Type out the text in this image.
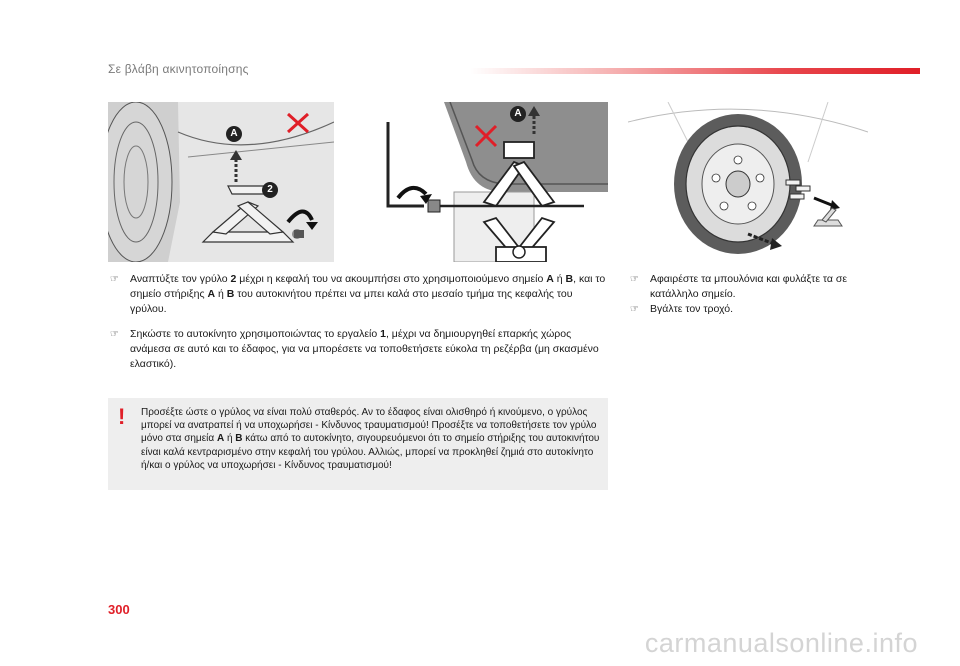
Σε βλάβη ακινητοποίησης
A
2
A
☞ Αναπτύξτε τον γρύλο 2 μέχρι η κεφαλή του να ακουμπήσει στο χρησιμοποιούμενο σημείο A ή B, και το σημείο στήριξης A ή B του αυτοκινήτου πρέπει να μπει καλά στο μεσαίο τμήμα της κεφαλής του γρύλου.
☞ Σηκώστε το αυτοκίνητο χρησιμοποιώντας το εργαλείο 1, μέχρι να δημιουργηθεί επαρκής χώρος ανάμεσα σε αυτό και το έδαφος, για να μπορέσετε να τοποθετήσετε εύκολα τη ρεζέρβα (μη σκασμένο ελαστικό).
☞ Αφαιρέστε τα μπουλόνια και φυλάξτε τα σε κατάλληλο σημείο.
☞ Βγάλτε τον τροχό.
! Προσέξτε ώστε ο γρύλος να είναι πολύ σταθερός. Αν το έδαφος είναι ολισθηρό ή κινούμενο, ο γρύλος μπορεί να ανατραπεί ή να υποχωρήσει - Κίνδυνος τραυματισμού! Προσέξτε να τοποθετήσετε τον γρύλο μόνο στα σημεία A ή B κάτω από το αυτοκίνητο, σιγουρευόμενοι ότι το σημείο στήριξης του αυτοκινήτου είναι καλά κεντραρισμένο στην κεφαλή του γρύλου. Αλλιώς, μπορεί να προκληθεί ζημιά στο αυτοκίνητο ή/και ο γρύλος να υποχωρήσει - Κίνδυνος τραυματισμού!
300
carmanualsonline.info
